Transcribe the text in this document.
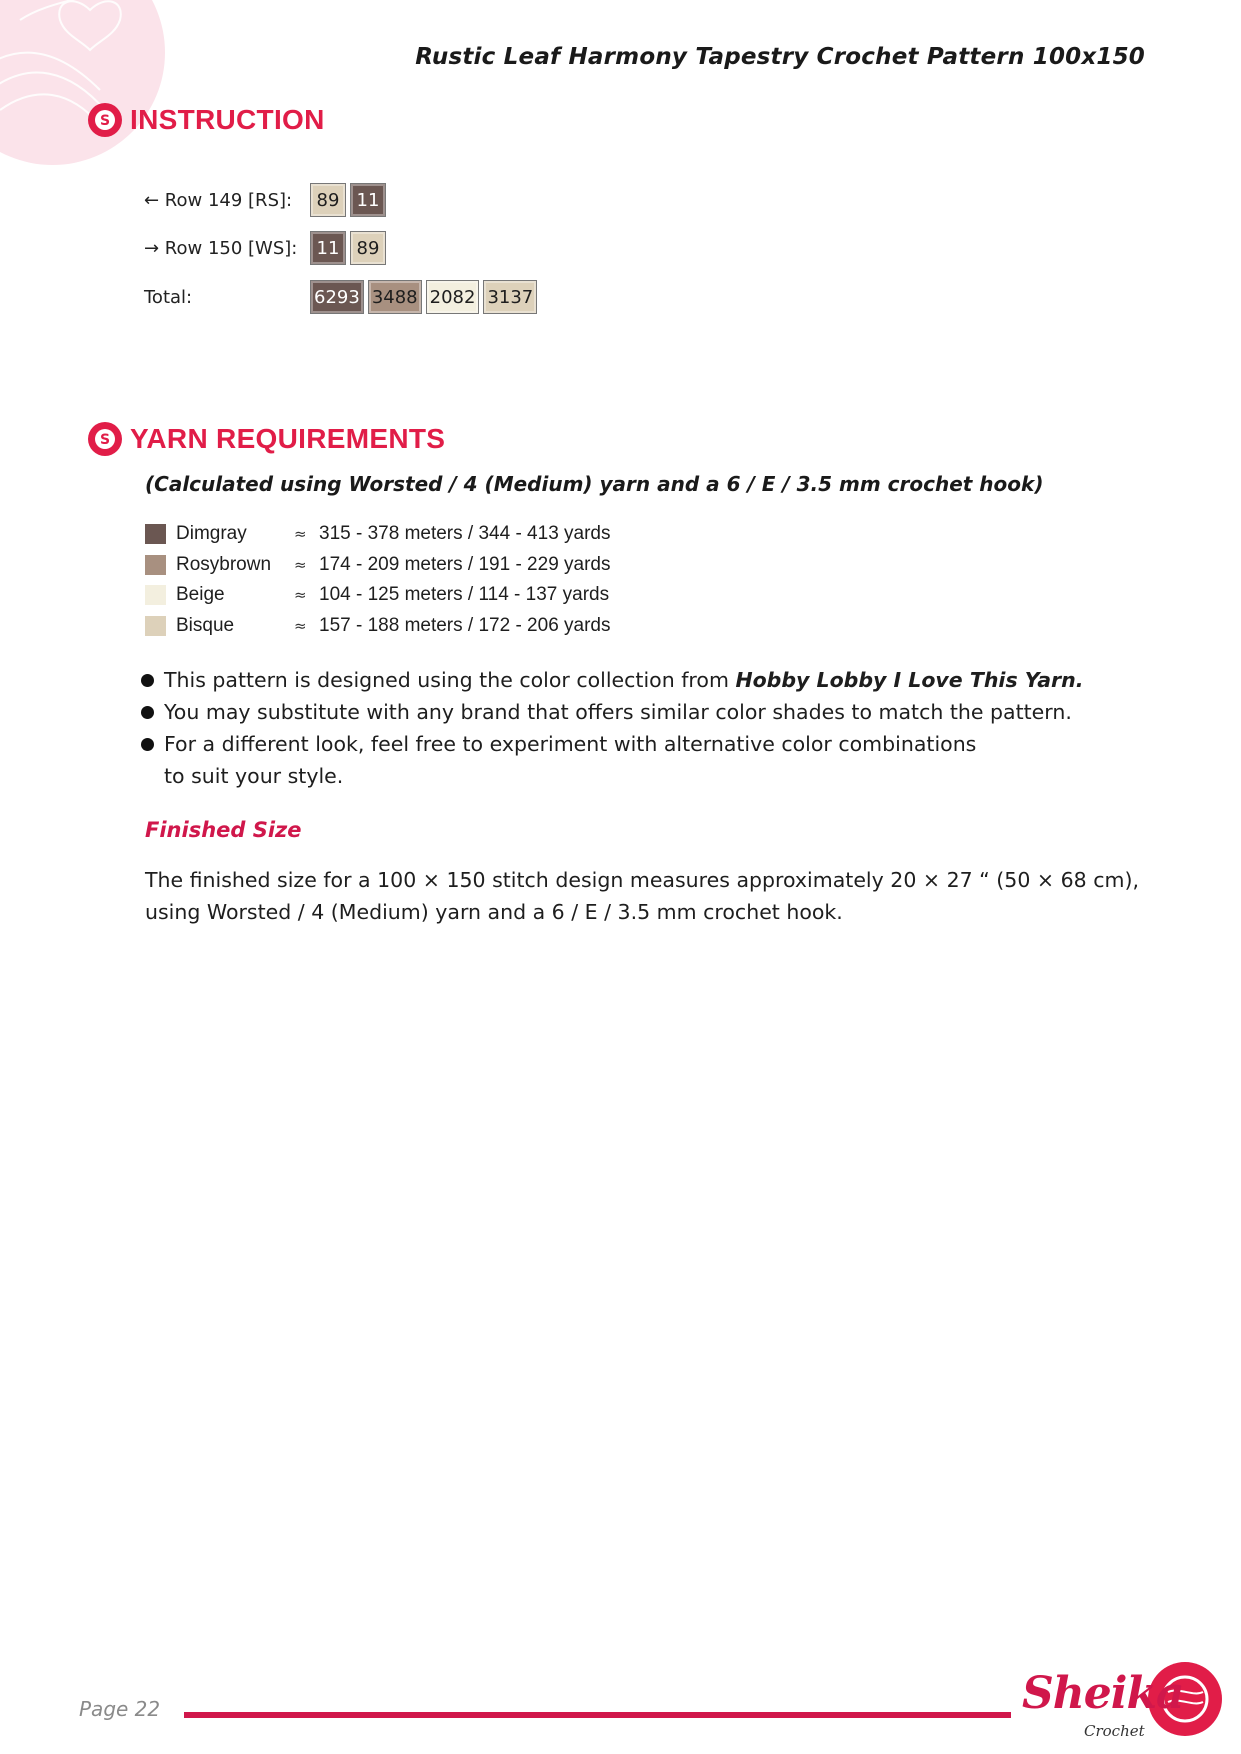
Rustic Leaf Harmony Tapestry Crochet Pattern 100x150
S INSTRUCTION
← Row 149 [RS]:	89 11
→ Row 150 [WS]:	11 89
Total:	6293 3488 2082 3137
S YARN REQUIREMENTS
(Calculated using Worsted / 4 (Medium) yarn and a 6 / E / 3.5 mm crochet hook)
Dimgray	≈ 315 - 378 meters / 344 - 413 yards
Rosybrown	≈ 174 - 209 meters / 191 - 229 yards
Beige	≈ 104 - 125 meters / 114 - 137 yards
Bisque	≈ 157 - 188 meters / 172 - 206 yards
This pattern is designed using the color collection from Hobby Lobby I Love This Yarn.
You may substitute with any brand that offers similar color shades to match the pattern.
For a different look, feel free to experiment with alternative color combinations
to suit your style.
Finished Size
The finished size for a 100 × 150 stitch design measures approximately 20 × 27 “ (50 × 68 cm),
using Worsted / 4 (Medium) yarn and a 6 / E / 3.5 mm crochet hook.
Page 22	Sheika
Crochet
